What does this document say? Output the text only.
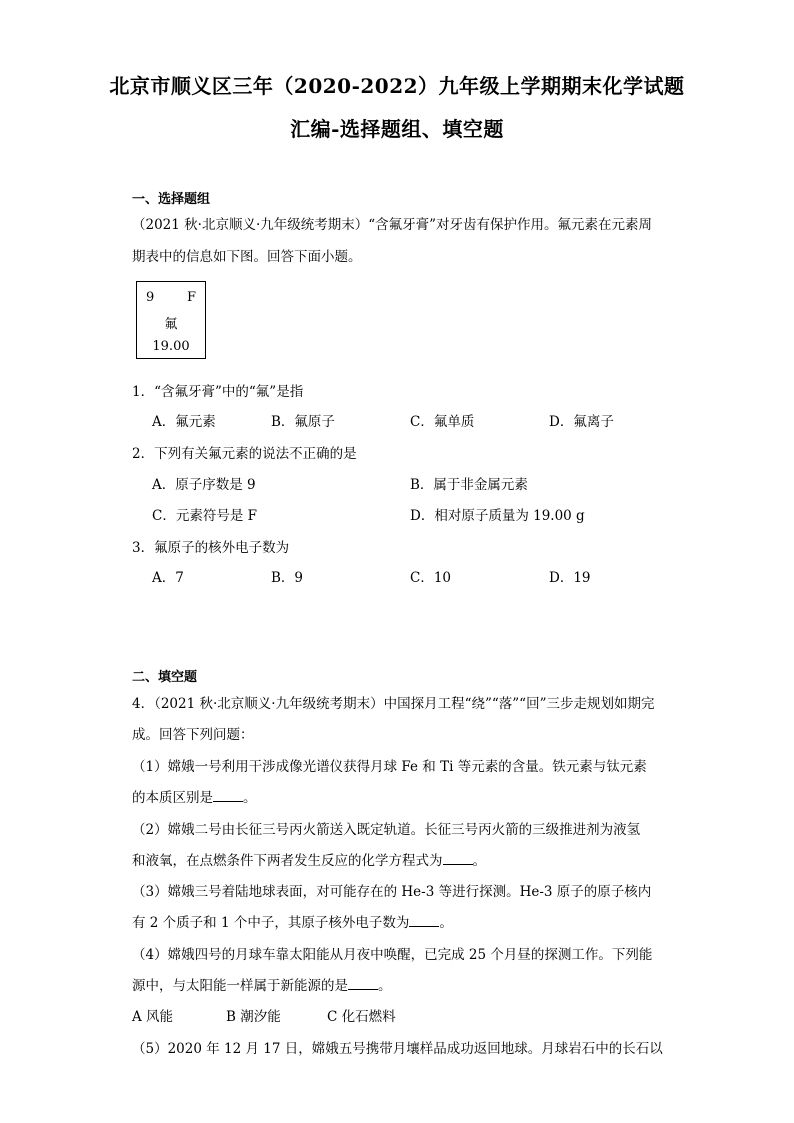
北京市顺义区三年（2020-2022）九年级上学期期末化学试题
汇编-选择题组、填空题
一、选择题组
（2021 秋·北京顺义·九年级统考期末）“含氟牙膏”对牙齿有保护作用。氟元素在元素周
期表中的信息如下图。回答下面小题。
9	F
氟
19.00
1．“含氟牙膏”中的“氟”是指
A．氟元素	B．氟原子	C．氟单质	D．氟离子
2．下列有关氟元素的说法不正确的是
A．原子序数是 9	B．属于非金属元素
C．元素符号是 F	D．相对原子质量为 19.00 g
3．氟原子的核外电子数为
A．7	B．9	C．10	D．19
二、填空题
4．（2021 秋·北京顺义·九年级统考期末）中国探月工程“绕”“落”“回”三步走规划如期完
成。回答下列问题：
（1）嫦娥一号利用干涉成像光谱仪获得月球 Fe 和 Ti 等元素的含量。铁元素与钛元素
的本质区别是 。
（2）嫦娥二号由长征三号丙火箭送入既定轨道。长征三号丙火箭的三级推进剂为液氢
和液氧，在点燃条件下两者发生反应的化学方程式为 。
（3）嫦娥三号着陆地球表面，对可能存在的 He-3 等进行探测。He-3 原子的原子核内
有 2 个质子和 1 个中子，其原子核外电子数为 。
（4）嫦娥四号的月球车靠太阳能从月夜中唤醒，已完成 25 个月昼的探测工作。下列能
源中，与太阳能一样属于新能源的是 。
A 风能	B 潮汐能	C 化石燃料
（5）2020 年 12 月 17 日，嫦娥五号携带月壤样品成功返回地球。月球岩石中的长石以
